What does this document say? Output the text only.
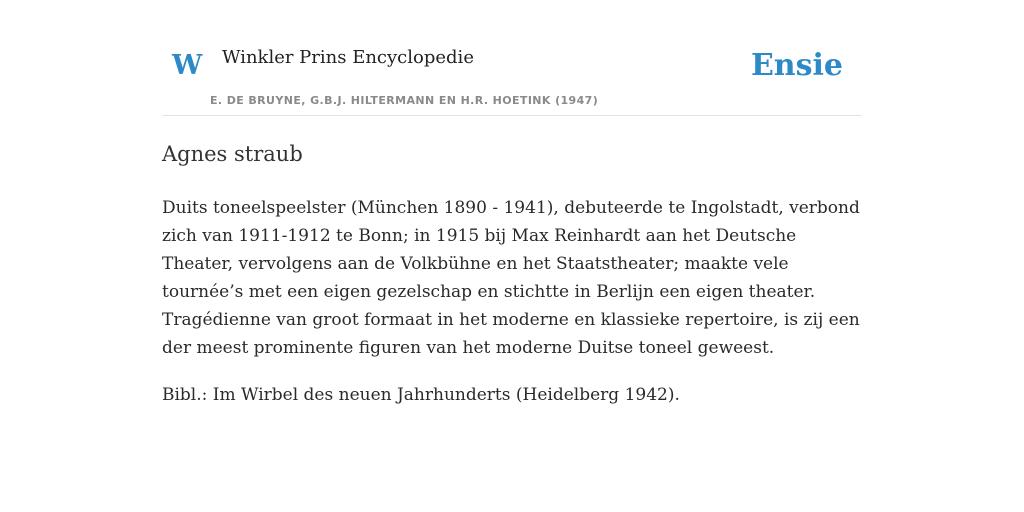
W Winkler Prins Encyclopedie
E. DE BRUYNE, G.B.J. HILTERMANN EN H.R. HOETINK (1947)
Ensie
Agnes straub

Duits toneelspeelster (München 1890 - 1941), debuteerde te Ingolstadt, verbond zich van 1911-1912 te Bonn; in 1915 bij Max Reinhardt aan het Deutsche Theater, vervolgens aan de Volkbühne en het Staatstheater; maakte vele tournée’s met een eigen gezelschap en stichtte in Berlijn een eigen theater. Tragédienne van groot formaat in het moderne en klassieke repertoire, is zij een der meest prominente figuren van het moderne Duitse toneel geweest.

Bibl.: Im Wirbel des neuen Jahrhunderts (Heidelberg 1942).
